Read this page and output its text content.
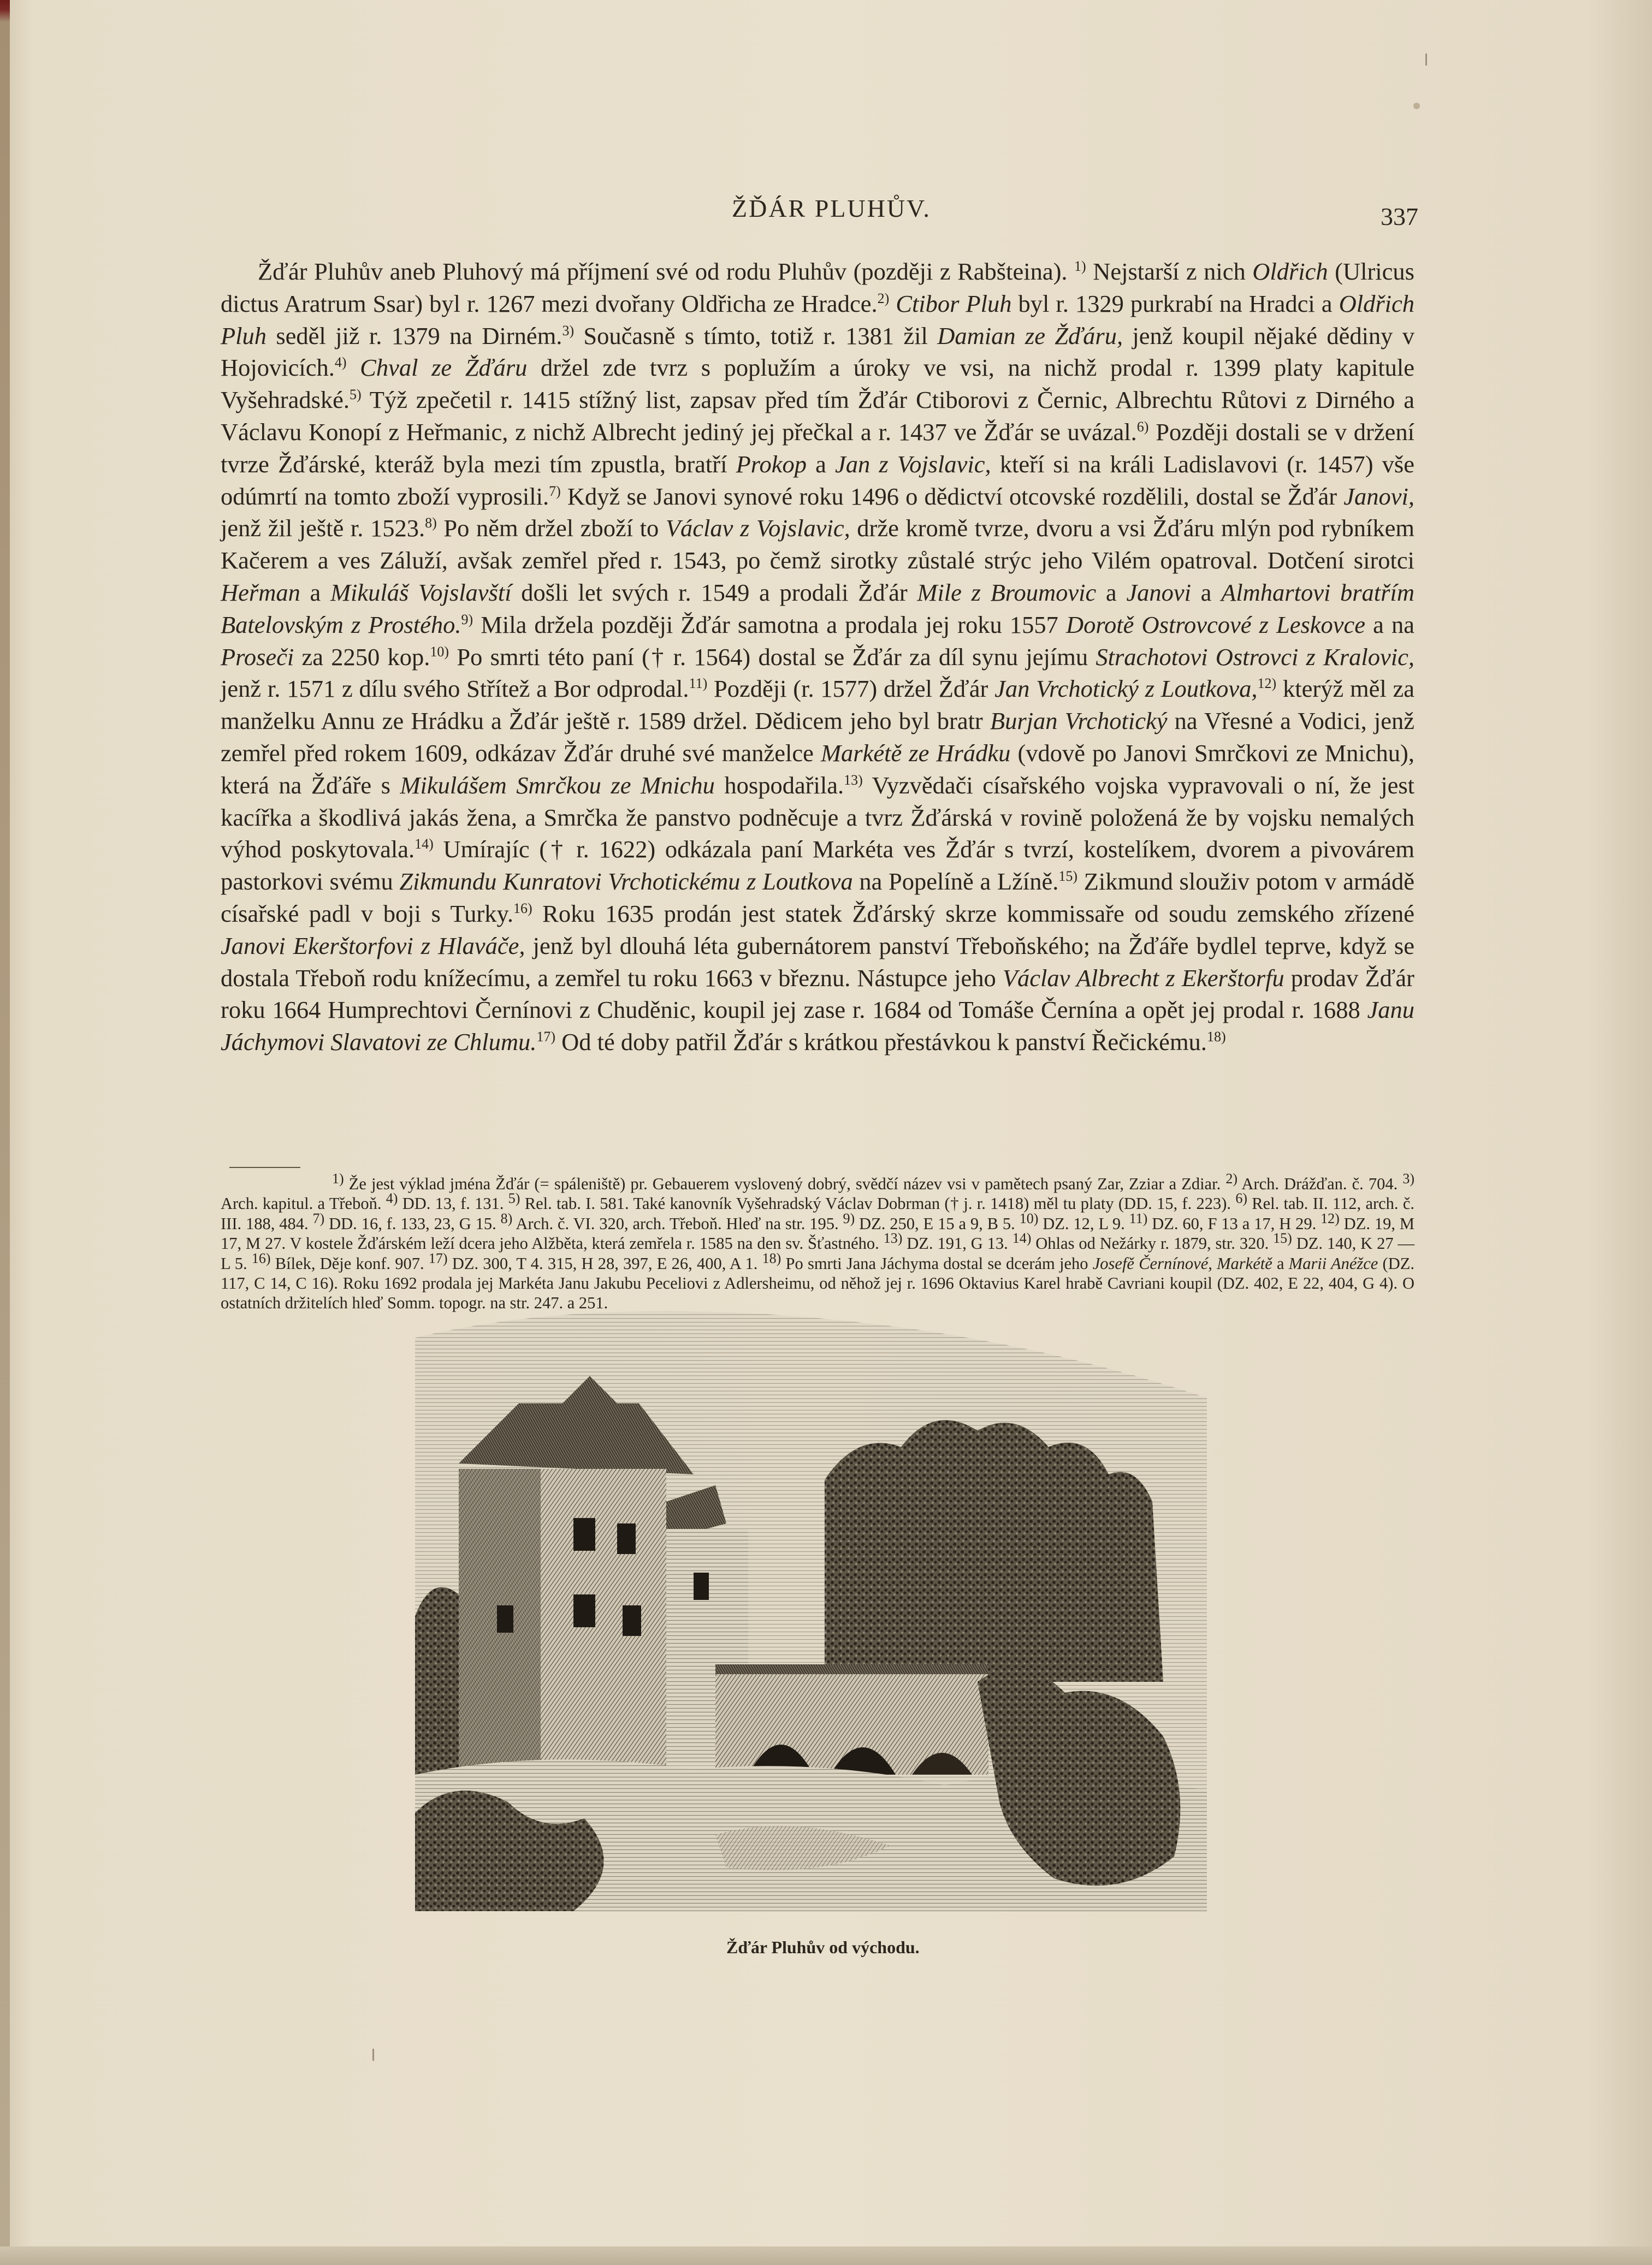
ŽĎÁR PLUHŮV.	337

Žďár Pluhův aneb Pluhový má příjmení své od rodu Pluhův (později z Rabšteina). $^{1)}$ Nejstarší z nich Oldřich (Ulricus dictus Aratrum Ssar) byl r. 1267 mezi dvořany Oldřicha ze Hradce.$^{2)}$ Ctibor Pluh byl r. 1329 purkrabí na Hradci a Oldřich Pluh seděl již r. 1379 na Dirném.$^{3)}$ Současně s tímto, totiž r. 1381 žil Damian ze Žďáru, jenž koupil nějaké dědiny v Hojovicích.$^{4)}$ Chval ze Žďáru držel zde tvrz s poplužím a úroky ve vsi, na nichž prodal r. 1399 platy kapitule Vyšehradské.$^{5)}$ Týž zpečetil r. 1415 stížný list, zapsav před tím Žďár Ctiborovi z Černic, Albrechtu Růtovi z Dirného a Václavu Konopí z Heřmanic, z nichž Albrecht jediný jej přečkal a r. 1437 ve Žďár se uvázal.$^{6)}$ Později dostali se v držení tvrze Žďárské, kteráž byla mezi tím zpustla, bratří Prokop a Jan z Vojslavic, kteří si na králi Ladislavovi (r. 1457) vše odúmrtí na tomto zboží vyprosili.$^{7)}$ Když se Janovi synové roku 1496 o dědictví otcovské rozdělili, dostal se Žďár Janovi, jenž žil ještě r. 1523.$^{8)}$ Po něm držel zboží to Václav z Vojslavic, drže kromě tvrze, dvoru a vsi Žďáru mlýn pod rybníkem Kačerem a ves Záluží, avšak zemřel před r. 1543, po čemž sirotky zůstalé strýc jeho Vilém opatroval. Dotčení sirotci Heřman a Mikuláš Vojslavští došli let svých r. 1549 a prodali Žďár Mile z Broumovic a Janovi a Almhartovi bratřím Batelovským z Prostého.$^{9)}$ Mila držela později Žďár samotna a prodala jej roku 1557 Dorotě Ostrovcové z Leskovce a na Proseči za 2250 kop.$^{10)}$ Po smrti této paní († r. 1564) dostal se Žďár za díl synu jejímu Strachotovi Ostrovci z Kralovic, jenž r. 1571 z dílu svého Střítež a Bor odprodal.$^{11)}$ Později (r. 1577) držel Žďár Jan Vrchotický z Loutkova,$^{12)}$ kterýž měl za manželku Annu ze Hrádku a Žďár ještě r. 1589 držel. Dědicem jeho byl bratr Burjan Vrchotický na Vřesné a Vodici, jenž zemřel před rokem 1609, odkázav Žďár druhé své manželce Markétě ze Hrádku (vdově po Janovi Smrčkovi ze Mnichu), která na Žďáře s Mikulášem Smrčkou ze Mnichu hospodařila.$^{13)}$ Vyzvědači císařského vojska vypravovali o ní, že jest kacířka a škodlivá jakás žena, a Smrčka že panstvo podněcuje a tvrz Žďárská v rovině položená že by vojsku nemalých výhod poskytovala.$^{14)}$ Umírajíc († r. 1622) odkázala paní Markéta ves Žďár s tvrzí, kostelíkem, dvorem a pivovárem pastorkovi svému Zikmundu Kunratovi Vrchotickému z Loutkova na Popelíně a Lžíně.$^{15)}$ Zikmund slouživ potom v armádě císařské padl v boji s Turky.$^{16)}$ Roku 1635 prodán jest statek Žďárský skrze kommissaře od soudu zemského zřízené Janovi Ekerštorfovi z Hlaváče, jenž byl dlouhá léta gubernátorem panství Třeboňského; na Žďáře bydlel teprve, když se dostala Třeboň rodu knížecímu, a zemřel tu roku 1663 v březnu. Nástupce jeho Václav Albrecht z Ekerštorfu prodav Žďár roku 1664 Humprechtovi Černínovi z Chuděnic, koupil jej zase r. 1684 od Tomáše Černína a opět jej prodal r. 1688 Janu Jáchymovi Slavatovi ze Chlumu.$^{17)}$ Od té doby patřil Žďár s krátkou přestávkou k panství Řečickému.$^{18)}$

$^{1)}$ Že jest výklad jména Žďár (= spáleniště) pr. Gebauerem vyslovený dobrý, svědčí název vsi v pamětech psaný Zar, Zziar a Zdiar. $^{2)}$ Arch. Drážďan. č. 704. $^{3)}$ Arch. kapitul. a Třeboň. $^{4)}$ DD. 13, f. 131. $^{5)}$ Rel. tab. I. 581. Také kanovník Vyšehradský Václav Dobrman († j. r. 1418) měl tu platy (DD. 15, f. 223). $^{6)}$ Rel. tab. II. 112, arch. č. III. 188, 484. $^{7)}$ DD. 16, f. 133, 23, G 15. $^{8)}$ Arch. č. VI. 320, arch. Třeboň. Hleď na str. 195. $^{9)}$ DZ. 250, E 15 a 9, B 5. $^{10)}$ DZ. 12, L 9. $^{11)}$ DZ. 60, F 13 a 17, H 29. $^{12)}$ DZ. 19, M 17, M 27. V kostele Žďárském leží dcera jeho Alžběta, která zemřela r. 1585 na den sv. Šťastného. $^{13)}$ DZ. 191, G 13. $^{14)}$ Ohlas od Nežárky r. 1879, str. 320. $^{15)}$ DZ. 140, K 27 — L 5. $^{16)}$ Bílek, Děje konf. 907. $^{17)}$ DZ. 300, T 4. 315, H 28, 397, E 26, 400, A 1. $^{18)}$ Po smrti Jana Jáchyma dostal se dcerám jeho Josefě Černínové, Markétě a Marii Anéžce (DZ. 117, C 14, C 16). Roku 1692 prodala jej Markéta Janu Jakubu Peceliovi z Adlersheimu, od něhož jej r. 1696 Oktavius Karel hrabě Cavriani koupil (DZ. 402, E 22, 404, G 4). O ostatních držitelích hleď Somm. topogr. na str. 247. a 251.

Žďár Pluhův od východu.
